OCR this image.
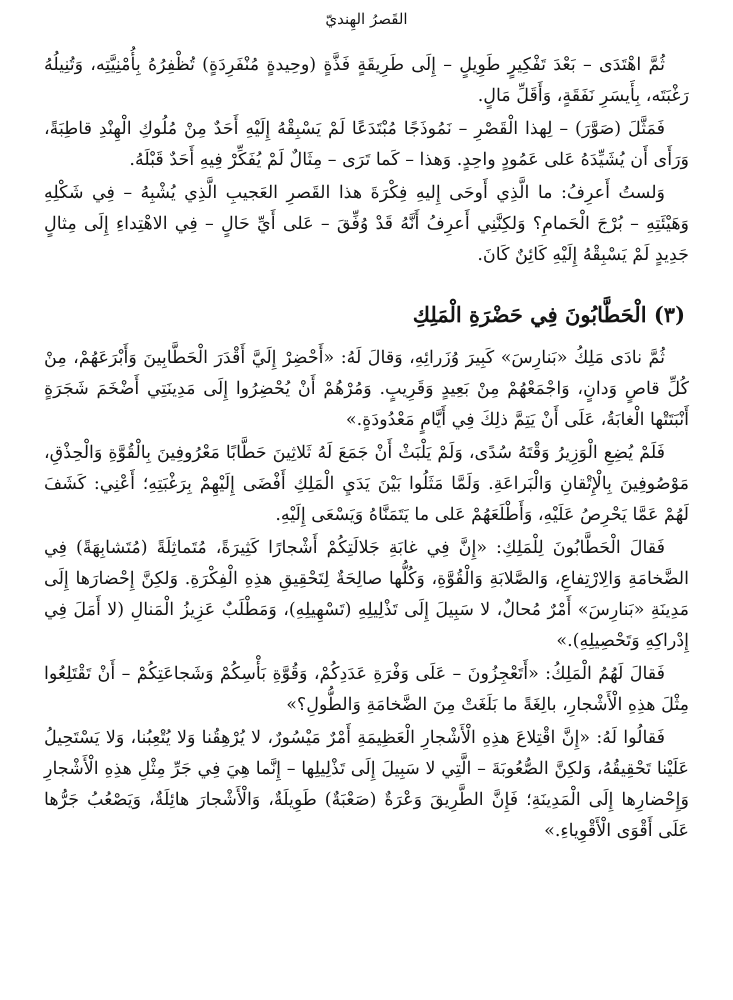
القَصرُ الهِنديّ

ثُمَّ اهْتَدَى – بَعْدَ تَفْكِيرٍ طَوِيلٍ – إِلَى طَرِيقَةٍ فَذَّةٍ (وحِيدةٍ مُنْفَرِدَةٍ) تُظْفِرُهُ بِأُمْنِيَّتِه، وَتُنِيلُهُ رَغْبَتَه، بِأَيسَرِ نَفَقَةٍ، وَأَقَلِّ مَالٍ.

فَمَثَّلَ (صَوَّرَ) – لِهذا الْقَصْرِ – نَمُوذَجًا مُبْتَدَعًا لَمْ يَسْبِقْهُ إِلَيْهِ أَحَدٌ مِنْ مُلُوكِ الْهِنْدِ قاطِبَةً، وَرَأَى أَن يُشَيِّدَهُ عَلى عَمُودٍ واحِدٍ. وَهذا – كَما تَرَى – مِثَالٌ لَمْ يُفَكِّرْ فِيهِ أَحَدٌ قَبْلَهُ.

وَلستُ أَعرِفُ: ما الَّذِي أَوحَى إِليهِ فِكْرَةَ هذا القَصرِ العَجيبِ الَّذِي يُشْبِهُ – فِي شَكْلِهِ وَهَيْئَتِهِ – بُرْجَ الْحَمامِ؟ وَلكِنَّنِي أَعرِفُ أَنَّهُ قَدْ وُفِّقَ – عَلى أَيِّ حَالٍ – فِي الاهْتِداءِ إِلَى مِثالٍ جَدِيدٍ لَمْ يَسْبِقْهُ إِلَيْهِ كَائِنٌ كَانَ.

(٣) الْحَطَّابُونَ فِي حَضْرَةِ الْمَلِكِ

ثُمَّ نادَى مَلِكُ «بَنارِسَ» كَبِيرَ وُزَرائِهِ، وَقالَ لَهُ: «أَحْضِرْ إِلَيَّ أَقْدَرَ الْحَطَّابِينَ وَأَبْرَعَهُمْ، مِنْ كُلِّ قاصٍ وَدانٍ، وَاجْمَعْهُمْ مِنْ بَعِيدٍ وَقَرِيبٍ. وَمُرْهُمْ أَنْ يُحْضِرُوا إِلَى مَدِينَتِي أَضْخَمَ شَجَرَةٍ أَنْبَتَتْها الْغابَةُ، عَلَى أَنْ يَتِمَّ ذلِكَ فِي أَيَّامٍ مَعْدُودَةٍ.»

فَلَمْ يُضِعِ الْوَزِيرُ وَقْتَهُ سُدًى، وَلَمْ يَلْبَثْ أَنْ جَمَعَ لَهُ ثَلاثِينَ حَطَّابًا مَعْرُوفِينَ بِالْقُوَّةِ وَالْحِذْقِ، مَوْصُوفِينَ بِالْإِتْقانِ وَالْبَراعَةِ. وَلَمَّا مَثَلُوا بَيْنَ يَدَيِ الْمَلِكِ أَفْضَى إِلَيْهِمْ بِرَغْبَتِهِ؛ أَعْنِي: كَشَفَ لَهُمْ عَمَّا يَحْرِصُ عَلَيْهِ، وَأَطْلَعَهُمْ عَلى ما يَتَمَنَّاهُ وَيَسْعَى إِلَيْهِ.

فَقالَ الْحَطَّابُونَ لِلْمَلِكِ: «إِنَّ فِي غابَةِ جَلالَتِكُمْ أَشْجارًا كَثِيرَةً، مُتَماثِلَةً (مُتَشابِهَةً) فِي الضَّخامَةِ وَالِارْتِفاعِ، وَالصَّلابَةِ وَالْقُوَّةِ، وَكُلُّها صالِحَةٌ لِتَحْقِيقِ هذِهِ الْفِكْرَةِ. وَلكِنَّ إِحْضارَها إِلَى مَدِينَةِ «بَنارِسَ» أَمْرٌ مُحالٌ، لا سَبِيلَ إِلَى تَذْلِيلِهِ (تَسْهِيلِهِ)، وَمَطْلَبٌ عَزِيزُ الْمَنالِ (لا أَمَلَ فِي إِدْراكِهِ وَتَحْصِيلِهِ).»

فَقالَ لَهُمُ الْمَلِكُ: «أَتَعْجِزُونَ – عَلَى وَفْرَةِ عَدَدِكُمْ، وَقُوَّةِ بَأْسِكُمْ وَشَجاعَتِكُمْ – أَنْ تَقْتَلِعُوا مِثْلَ هذِهِ الْأَشْجارِ، بالِغَةً ما بَلَغَتْ مِنَ الضَّخامَةِ وَالطُّولِ؟»

فَقالُوا لَهُ: «إِنَّ اقْتِلاعَ هذِهِ الْأَشْجارِ الْعَظِيمَةِ أَمْرٌ مَيْسُورٌ، لا يُرْهِقُنا وَلا يُتْعِبُنا، وَلا يَسْتَحِيلُ عَلَيْنا تَحْقِيقُهُ، وَلكِنَّ الصُّعُوبَةَ – الَّتِي لا سَبِيلَ إِلَى تَذْلِيلِها – إِنَّما هِيَ فِي جَرِّ مِثْلِ هذِهِ الْأَشْجارِ وَإِحْضارِها إِلَى الْمَدِينَةِ؛ فَإِنَّ الطَّرِيقَ وَعْرَةٌ (صَعْبَةٌ) طَوِيلَةٌ، وَالْأَشْجارَ هائِلَةٌ، وَيَصْعُبُ جَرُّها عَلَى أَقْوَى الْأَقْوِياءِ.»
